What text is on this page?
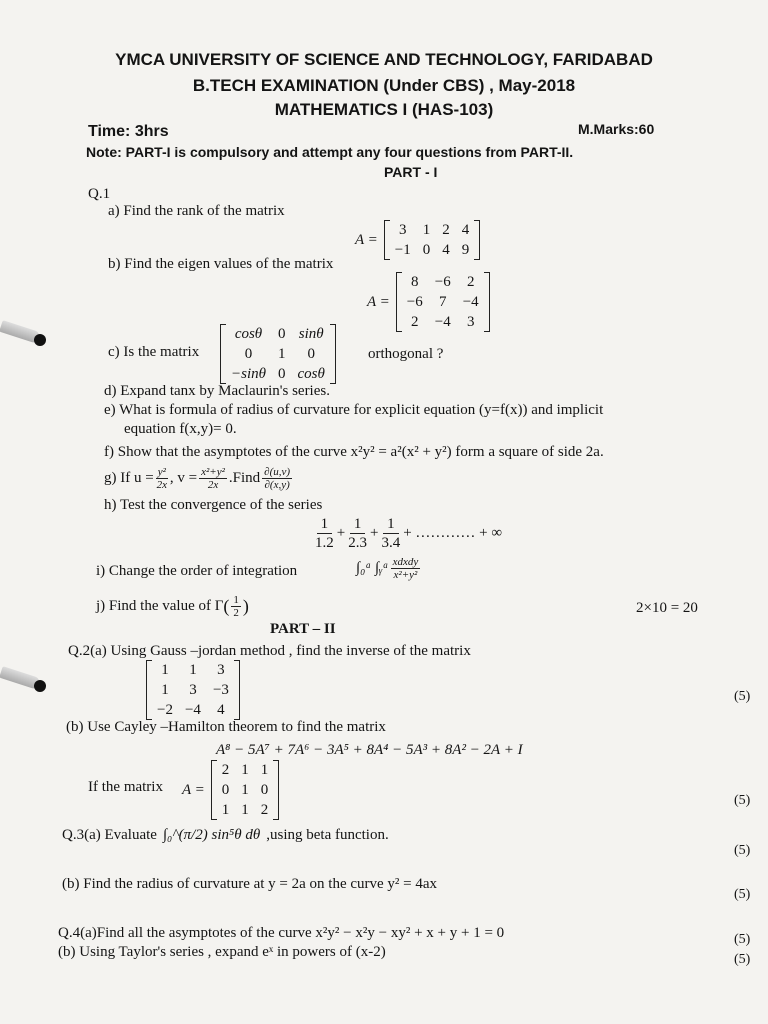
YMCA UNIVERSITY OF SCIENCE AND TECHNOLOGY, FARIDABAD
B.TECH EXAMINATION (Under CBS) , May-2018
MATHEMATICS I (HAS-103)
Time: 3hrs	M.Marks:60
Note: PART-I is compulsory and attempt any four questions from PART-II.
PART - I
Q.1
a) Find the rank of the matrix
A =
3	1 2 4
−1 0 4 9
b) Find the eigen values of the matrix
A =
8	−6	2
−6	7	−4
2	−4	3
c) Is the matrix
cosθ	0 sinθ
0	1	0
−sinθ 0 cosθ
orthogonal ?
d) Expand tanx by Maclaurin's series.
e) What is formula of radius of curvature for explicit equation (y=f(x)) and implicit
equation f(x,y)= 0.
f) Show that the asymptotes of the curve x²y² = a²(x² + y²) form a square of side 2a.
g) If $u = \frac{\text{y²}}{2x}$ , $v = \frac{\text{x²+y²}}{2x}$ .Find $\frac{\partial(u,v)}{\partial(x,y)}$
h) Test the convergence of the series
$\frac{1}{1.2} + \frac{1}{2.3} + \frac{1}{3.4}$ + ………… + ∞
i) Change the order of integration	∫₀ᵃ ∫ᵧᵃ $\frac{\text{xdxdy}}{\text{x²+y²}}$
j) Find the value of Γ ( $\frac{1}{2}$ )	2×10 = 20
PART – II
Q.2(a) Using Gauss –jordan method , find the inverse of the matrix
1	1	3
1	3	−3
−2 −4	4
(5)
(b) Use Cayley –Hamilton theorem to find the matrix
A⁸ − 5A⁷ + 7A⁶ − 3A⁵ + 8A⁴ − 5A³ + 8A² − 2A + I
If the matrix A =
2 1 1
0 1 0
1 1 2
(5)
Q.3(a) Evaluate ∫₀^(π/2) sin⁵θ dθ ,using beta function.
(5)
(b) Find the radius of curvature at y = 2a on the curve y² = 4ax
(5)
Q.4(a)Find all the asymptotes of the curve x²y² − x²y − xy² + x + y + 1 = 0	(5)
(b) Using Taylor's series , expand eˣ in powers of (x-2)	(5)
